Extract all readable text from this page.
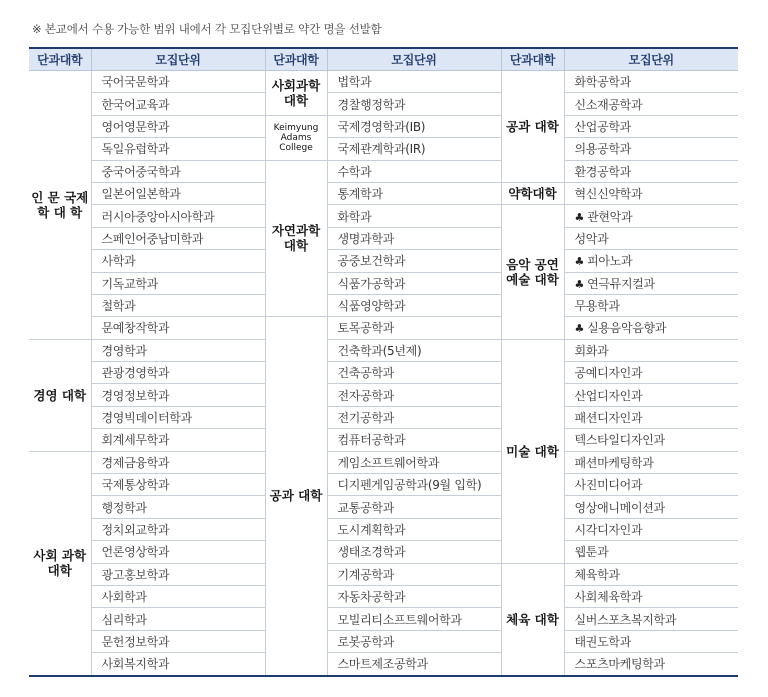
※ 본교에서 수용 가능한 범위 내에서 각 모집단위별로 약간 명을 선발함
단과대학	모집단위	단과대학	모집단위	단과대학	모집단위
인 문 국제학 대 학	국어국문학과	사회과학 대학	법학과	공과 대학	화학공학과
	한국어교육과		경찰행정학과		신소재공학과
	영어영문학과	Keimyung Adams College	국제경영학과(IB)		산업공학과
	독일유럽학과		국제관계학과(IR)		의용공학과
	중국어중국학과	자연과학 대학	수학과		환경공학과
	일본어일본학과		통계학과	약학대학	혁신신약학과
	러시아중앙아시아학과		화학과	음악 공연 예술 대학	♣ 관현악과
	스페인어중남미학과		생명과학과		성악과
	사학과		공중보건학과		♣ 피아노과
	기독교학과		식품가공학과		♣ 연극뮤지컬과
	철학과		식품영양학과		무용학과
	문예창작학과	공과 대학	토목공학과		♣ 실용음악음향과
경영 대학	경영학과		건축학과(5년제)	미술 대학	회화과
	관광경영학과		건축공학과		공예디자인과
	경영정보학과		전자공학과		산업디자인과
	경영빅데이터학과		전기공학과		패션디자인과
	회계세무학과		컴퓨터공학과		텍스타일디자인과
사회 과학 대학	경제금융학과		게임소프트웨어학과		패션마케팅학과
	국제통상학과		디지펜게임공학과(9월 입학)		사진미디어과
	행정학과		교통공학과		영상애니메이션과
	정치외교학과		도시계획학과		시각디자인과
	언론영상학과		생태조경학과		웹툰과
	광고홍보학과		기계공학과	체육 대학	체육학과
	사회학과		자동차공학과		사회체육학과
	심리학과		모빌리티소프트웨어학과		실버스포츠복지학과
	문헌정보학과		로봇공학과		태권도학과
	사회복지학과		스마트제조공학과		스포츠마케팅학과
